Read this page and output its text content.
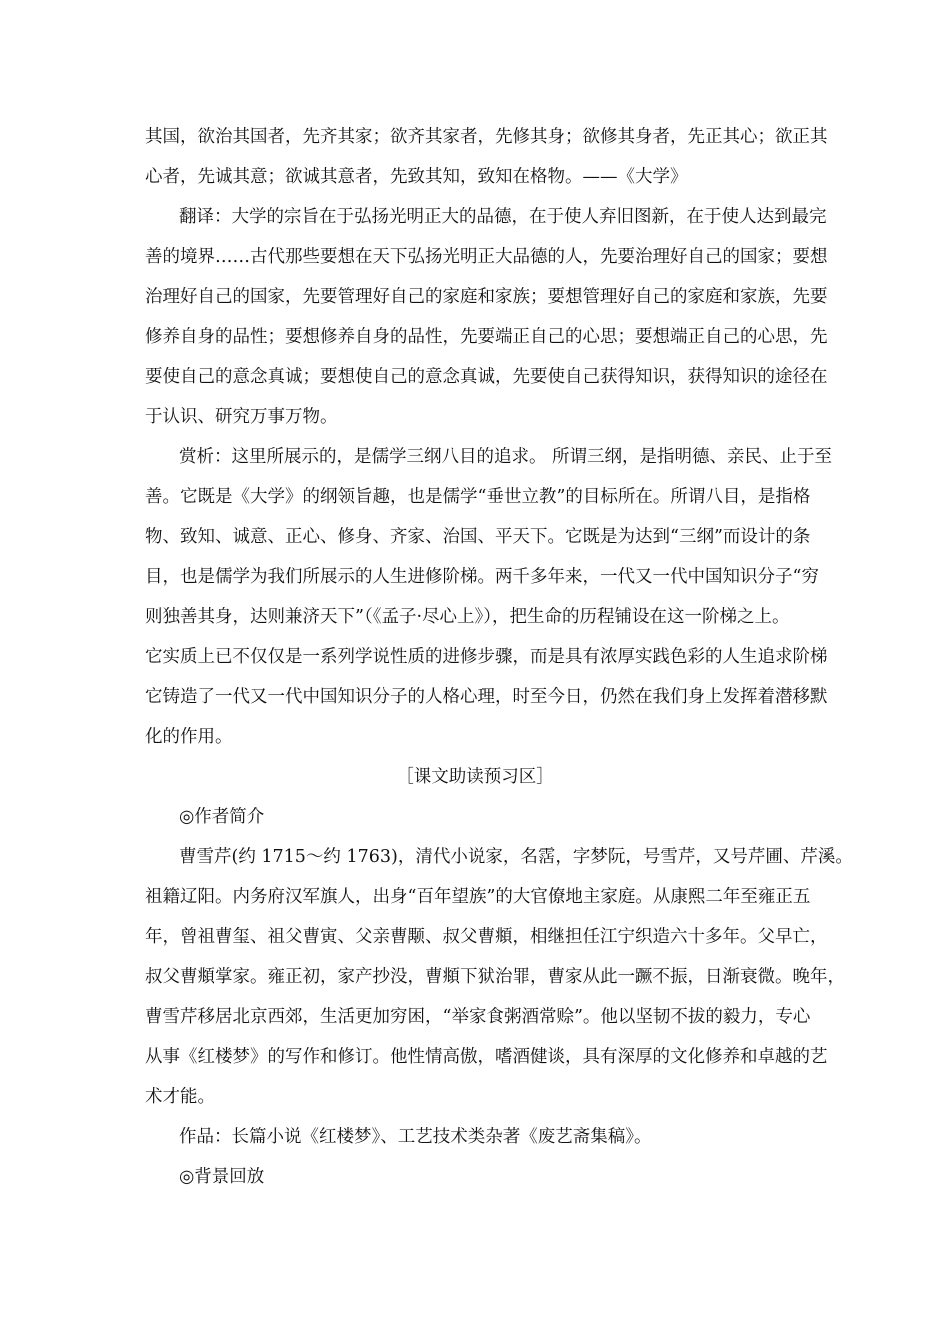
其国，欲治其国者，先齐其家；欲齐其家者，先修其身；欲修其身者，先正其心；欲正其
心者，先诚其意；欲诚其意者，先致其知，致知在格物。——《大学》
翻译：大学的宗旨在于弘扬光明正大的品德，在于使人弃旧图新，在于使人达到最完
善的境界……古代那些要想在天下弘扬光明正大品德的人，先要治理好自己的国家；要想
治理好自己的国家，先要管理好自己的家庭和家族；要想管理好自己的家庭和家族，先要
修养自身的品性；要想修养自身的品性，先要端正自己的心思；要想端正自己的心思，先
要使自己的意念真诚；要想使自己的意念真诚，先要使自己获得知识，获得知识的途径在
于认识、研究万事万物。
赏析：这里所展示的，是儒学三纲八目的追求。 所谓三纲，是指明德、亲民、止于至
善。它既是《大学》的纲领旨趣，也是儒学“垂世立教”的目标所在。所谓八目，是指格
物、致知、诚意、正心、修身、齐家、治国、平天下。它既是为达到“三纲”而设计的条
目，也是儒学为我们所展示的人生进修阶梯。两千多年来，一代又一代中国知识分子“穷
则独善其身，达则兼济天下”（《孟子·尽心上》），把生命的历程铺设在这一阶梯之上。
它实质上已不仅仅是一系列学说性质的进修步骤，而是具有浓厚实践色彩的人生追求阶梯
它铸造了一代又一代中国知识分子的人格心理，时至今日，仍然在我们身上发挥着潜移默
化的作用。
［课文助读预习区］
◎作者简介
曹雪芹(约 1715～约 1763)，清代小说家，名霑，字梦阮，号雪芹，又号芹圃、芹溪。
祖籍辽阳。内务府汉军旗人，出身“百年望族”的大官僚地主家庭。从康熙二年至雍正五
年，曾祖曹玺、祖父曹寅、父亲曹颙、叔父曹頫，相继担任江宁织造六十多年。父早亡，
叔父曹頫掌家。雍正初，家产抄没，曹頫下狱治罪，曹家从此一蹶不振，日渐衰微。晚年，
曹雪芹移居北京西郊，生活更加穷困，“举家食粥酒常赊”。他以坚韧不拔的毅力，专心
从事《红楼梦》的写作和修订。他性情高傲，嗜酒健谈，具有深厚的文化修养和卓越的艺
术才能。
作品：长篇小说《红楼梦》、工艺技术类杂著《废艺斋集稿》。
◎背景回放
